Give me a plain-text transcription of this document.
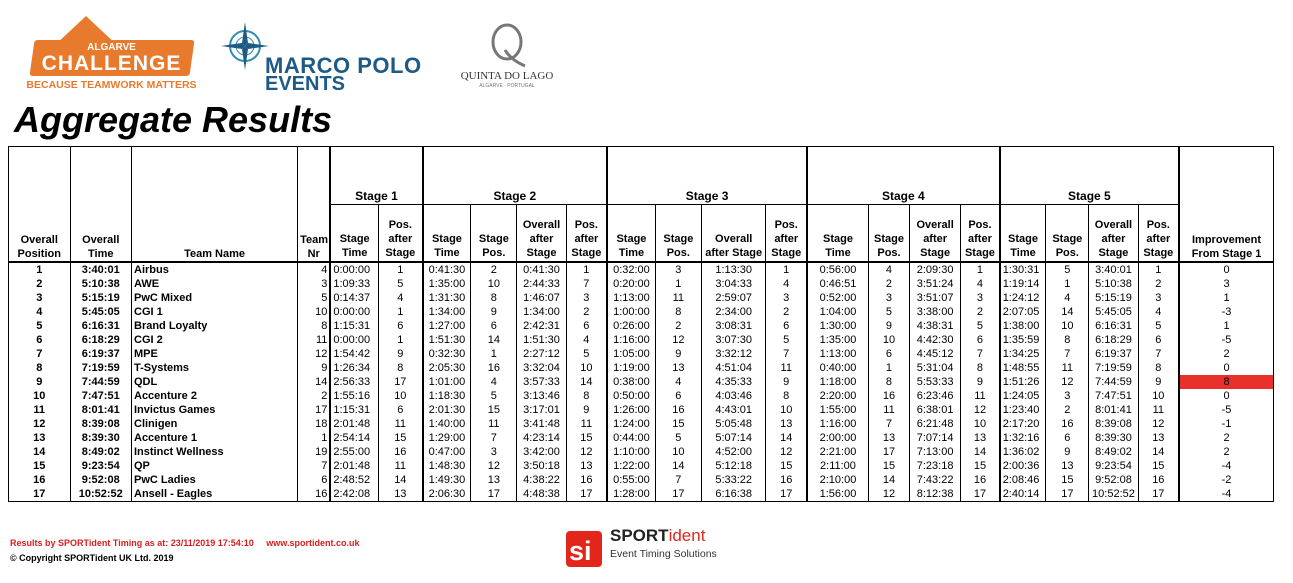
ALGARVE
CHALLENGE
BECAUSE TEAMWORK MATTERS
MARCO POLO
EVENTS	QUINTA DO LAGO
ALGARVE · PORTUGAL
Aggregate Results
Overall Position	Overall Time	Team Name	Team Nr	Stage 1		Stage 2				Stage 3				Stage 4				Stage 5				Improvement From Stage 1
				Stage Time	Pos. after Stage	Stage Time	Stage Pos.	Overall after Stage	Pos. after Stage	Stage Time	Stage Pos.	Overall after Stage	Pos. after Stage	Stage Time	Stage Pos.	Overall after Stage	Pos. after Stage	Stage Time	Stage Pos.	Overall after Stage	Pos. after Stage	
1	3:40:01	Airbus	4	0:00:00	1	0:41:30	2	0:41:30	1	0:32:00	3	1:13:30	1	0:56:00	4	2:09:30	1	1:30:31	5	3:40:01	1	0
2	5:10:38	AWE	3	1:09:33	5	1:35:00	10	2:44:33	7	0:20:00	1	3:04:33	4	0:46:51	2	3:51:24	4	1:19:14	1	5:10:38	2	3
3	5:15:19	PwC Mixed	5	0:14:37	4	1:31:30	8	1:46:07	3	1:13:00	11	2:59:07	3	0:52:00	3	3:51:07	3	1:24:12	4	5:15:19	3	1
4	5:45:05	CGI 1	10	0:00:00	1	1:34:00	9	1:34:00	2	1:00:00	8	2:34:00	2	1:04:00	5	3:38:00	2	2:07:05	14	5:45:05	4	-3
5	6:16:31	Brand Loyalty	8	1:15:31	6	1:27:00	6	2:42:31	6	0:26:00	2	3:08:31	6	1:30:00	9	4:38:31	5	1:38:00	10	6:16:31	5	1
6	6:18:29	CGI 2	11	0:00:00	1	1:51:30	14	1:51:30	4	1:16:00	12	3:07:30	5	1:35:00	10	4:42:30	6	1:35:59	8	6:18:29	6	-5
7	6:19:37	MPE	12	1:54:42	9	0:32:30	1	2:27:12	5	1:05:00	9	3:32:12	7	1:13:00	6	4:45:12	7	1:34:25	7	6:19:37	7	2
8	7:19:59	T-Systems	9	1:26:34	8	2:05:30	16	3:32:04	10	1:19:00	13	4:51:04	11	0:40:00	1	5:31:04	8	1:48:55	11	7:19:59	8	0
9	7:44:59	QDL	14	2:56:33	17	1:01:00	4	3:57:33	14	0:38:00	4	4:35:33	9	1:18:00	8	5:53:33	9	1:51:26	12	7:44:59	9	8
10	7:47:51	Accenture 2	2	1:55:16	10	1:18:30	5	3:13:46	8	0:50:00	6	4:03:46	8	2:20:00	16	6:23:46	11	1:24:05	3	7:47:51	10	0
11	8:01:41	Invictus Games	17	1:15:31	6	2:01:30	15	3:17:01	9	1:26:00	16	4:43:01	10	1:55:00	11	6:38:01	12	1:23:40	2	8:01:41	11	-5
12	8:39:08	Clinigen	18	2:01:48	11	1:40:00	11	3:41:48	11	1:24:00	15	5:05:48	13	1:16:00	7	6:21:48	10	2:17:20	16	8:39:08	12	-1
13	8:39:30	Accenture 1	1	2:54:14	15	1:29:00	7	4:23:14	15	0:44:00	5	5:07:14	14	2:00:00	13	7:07:14	13	1:32:16	6	8:39:30	13	2
14	8:49:02	Instinct Wellness	19	2:55:00	16	0:47:00	3	3:42:00	12	1:10:00	10	4:52:00	12	2:21:00	17	7:13:00	14	1:36:02	9	8:49:02	14	2
15	9:23:54	QP	7	2:01:48	11	1:48:30	12	3:50:18	13	1:22:00	14	5:12:18	15	2:11:00	15	7:23:18	15	2:00:36	13	9:23:54	15	-4
16	9:52:08	PwC Ladies	6	2:48:52	14	1:49:30	13	4:38:22	16	0:55:00	7	5:33:22	16	2:10:00	14	7:43:22	16	2:08:46	15	9:52:08	16	-2
17	10:52:52	Ansell - Eagles	16	2:42:08	13	2:06:30	17	4:48:38	17	1:28:00	17	6:16:38	17	1:56:00	12	8:12:38	17	2:40:14	17	10:52:52	17	-4
Results by SPORTident Timing as at: 23/11/2019 17:54:10 www.sportident.co.uk
© Copyright SPORTident UK Ltd. 2019	si
SPORTident
Event Timing Solutions
